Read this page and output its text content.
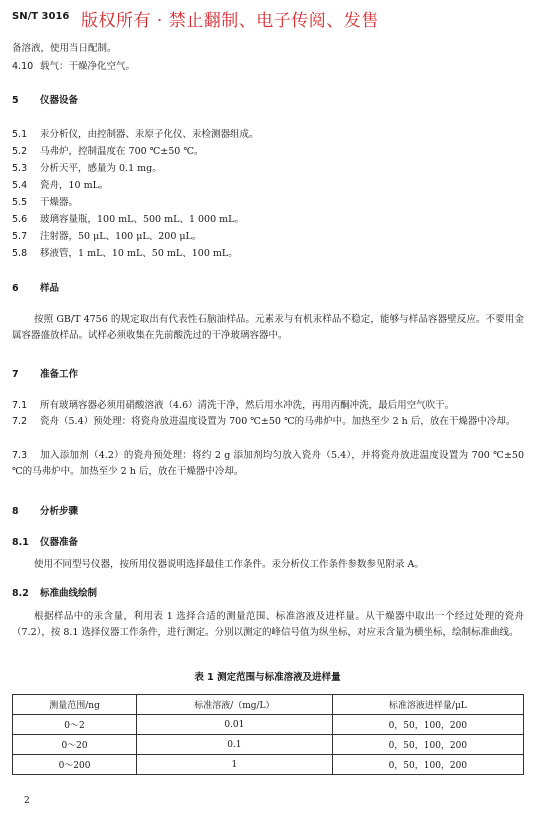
SN/T 3016 版权所有 · 禁止翻制、电子传阅、发售
备溶液，使用当日配制。
4.10 载气：干燥净化空气。
5 仪器设备
5.1 汞分析仪，由控制器、汞原子化仪、汞检测器组成。
5.2 马弗炉，控制温度在 700 ℃±50 ℃。
5.3 分析天平，感量为 0.1 mg。
5.4 瓷舟，10 mL。
5.5 干燥器。
5.6 玻璃容量瓶，100 mL、500 mL、1 000 mL。
5.7 注射器，50 μL、100 μL、200 μL。
5.8 移液管，1 mL、10 mL、50 mL、100 mL。
6 样品
按照 GB/T 4756 的规定取出有代表性石脑油样品。元素汞与有机汞样品不稳定，能够与样品容器壁反应。不要用金属容器盛放样品。试样必须收集在先前酸洗过的干净玻璃容器中。
7 准备工作
7.1 所有玻璃容器必须用硝酸溶液（4.6）清洗干净，然后用水冲洗，再用丙酮冲洗，最后用空气吹干。
7.2 瓷舟（5.4）预处理：将瓷舟放进温度设置为 700 ℃±50 ℃的马弗炉中。加热至少 2 h 后，放在干燥器中冷却。
7.3 加入添加剂（4.2）的瓷舟预处理：将约 2 g 添加剂均匀放入瓷舟（5.4），并将瓷舟放进温度设置为 700 ℃±50 ℃的马弗炉中。加热至少 2 h 后，放在干燥器中冷却。
8 分析步骤
8.1 仪器准备
使用不同型号仪器，按所用仪器说明选择最佳工作条件。汞分析仪工作条件参数参见附录 A。
8.2 标准曲线绘制
根据样品中的汞含量，利用表 1 选择合适的测量范围、标准溶液及进样量。从干燥器中取出一个经过处理的瓷舟（7.2），按 8.1 选择仪器工作条件，进行测定。分别以测定的峰信号值为纵坐标，对应汞含量为横坐标，绘制标准曲线。
表 1 测定范围与标准溶液及进样量
测量范围/ng	标准溶液/（mg/L）	标准溶液进样量/μL
0～2	0.01	0，50，100，200
0～20	0.1	0，50，100，200
0～200	1	0，50，100，200
2
